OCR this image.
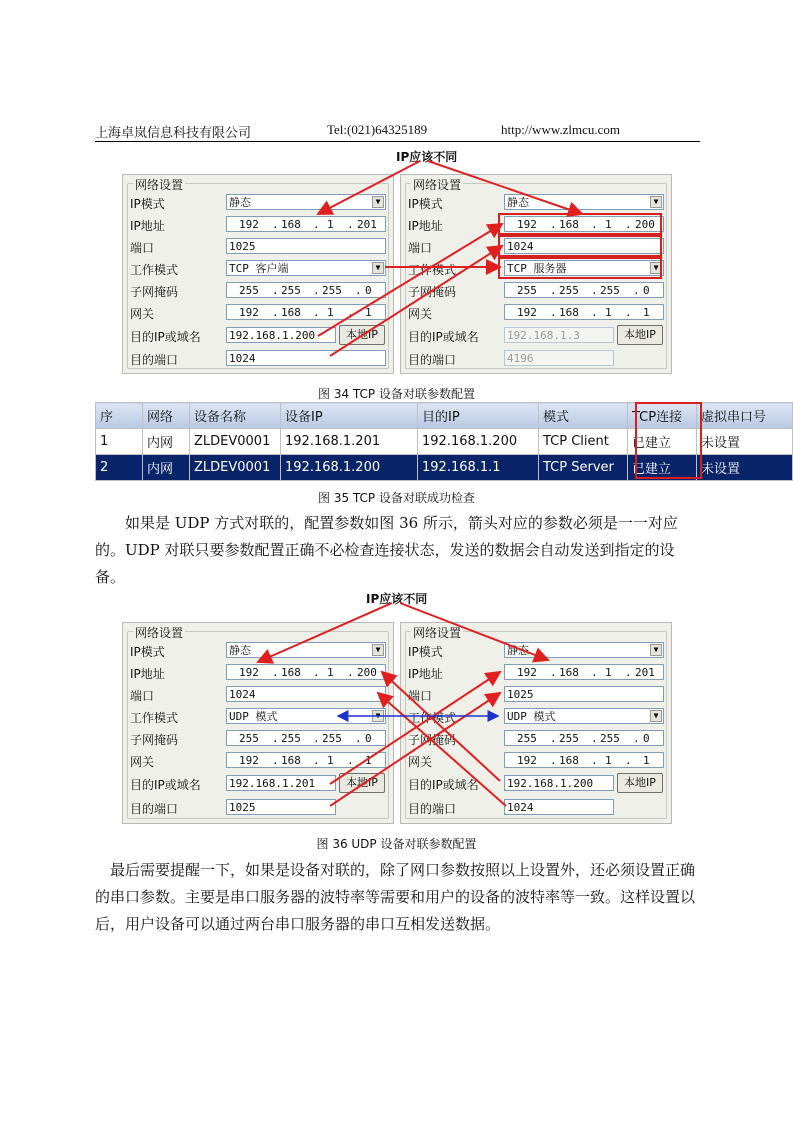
上海卓岚信息科技有限公司	Tel:(021)64325189	http://www.zlmcu.com
IP应该不同
网络设置
IP模式	静态	▼
IP地址	192 . 168 . 1 . 201
端口	1025
工作模式	TCP 客户端	▼
子网掩码	255 . 255 . 255 . 0
网关	192 . 168 . 1 . 1
目的IP或域名	192.168.1.200	本地IP
目的端口	1024
网络设置
IP模式	静态	▼
IP地址	192 . 168 . 1 . 200
端口	1024
工作模式	TCP 服务器	▼
子网掩码	255 . 255 . 255 . 0
网关	192 . 168 . 1 . 1
目的IP或域名	192.168.1.3	本地IP
目的端口	4196
图 34 TCP 设备对联参数配置
序	网络	设备名称	设备IP	目的IP	模式	TCP连接	虚拟串口号
1	内网	ZLDEV0001	192.168.1.201	192.168.1.200	TCP Client	已建立	未设置
2	内网	ZLDEV0001	192.168.1.200	192.168.1.1	TCP Server	已建立	未设置
图 35 TCP 设备对联成功检查
如果是 UDP 方式对联的，配置参数如图 36 所示，箭头对应的参数必须是一一对应的。UDP 对联只要参数配置正确不必检查连接状态，发送的数据会自动发送到指定的设备。
IP应该不同
网络设置
IP模式	静态	▼
IP地址	192 . 168 . 1 . 200
端口	1024
工作模式	UDP 模式	▼
子网掩码	255 . 255 . 255 . 0
网关	192 . 168 . 1 . 1
目的IP或域名	192.168.1.201	本地IP
目的端口	1025
网络设置
IP模式	静态	▼
IP地址	192 . 168 . 1 . 201
端口	1025
工作模式	UDP 模式	▼
子网掩码	255 . 255 . 255 . 0
网关	192 . 168 . 1 . 1
目的IP或域名	192.168.1.200	本地IP
目的端口	1024
图 36 UDP 设备对联参数配置
最后需要提醒一下，如果是设备对联的，除了网口参数按照以上设置外，还必须设置正确的串口参数。主要是串口服务器的波特率等需要和用户的设备的波特率等一致。这样设置以后，用户设备可以通过两台串口服务器的串口互相发送数据。
